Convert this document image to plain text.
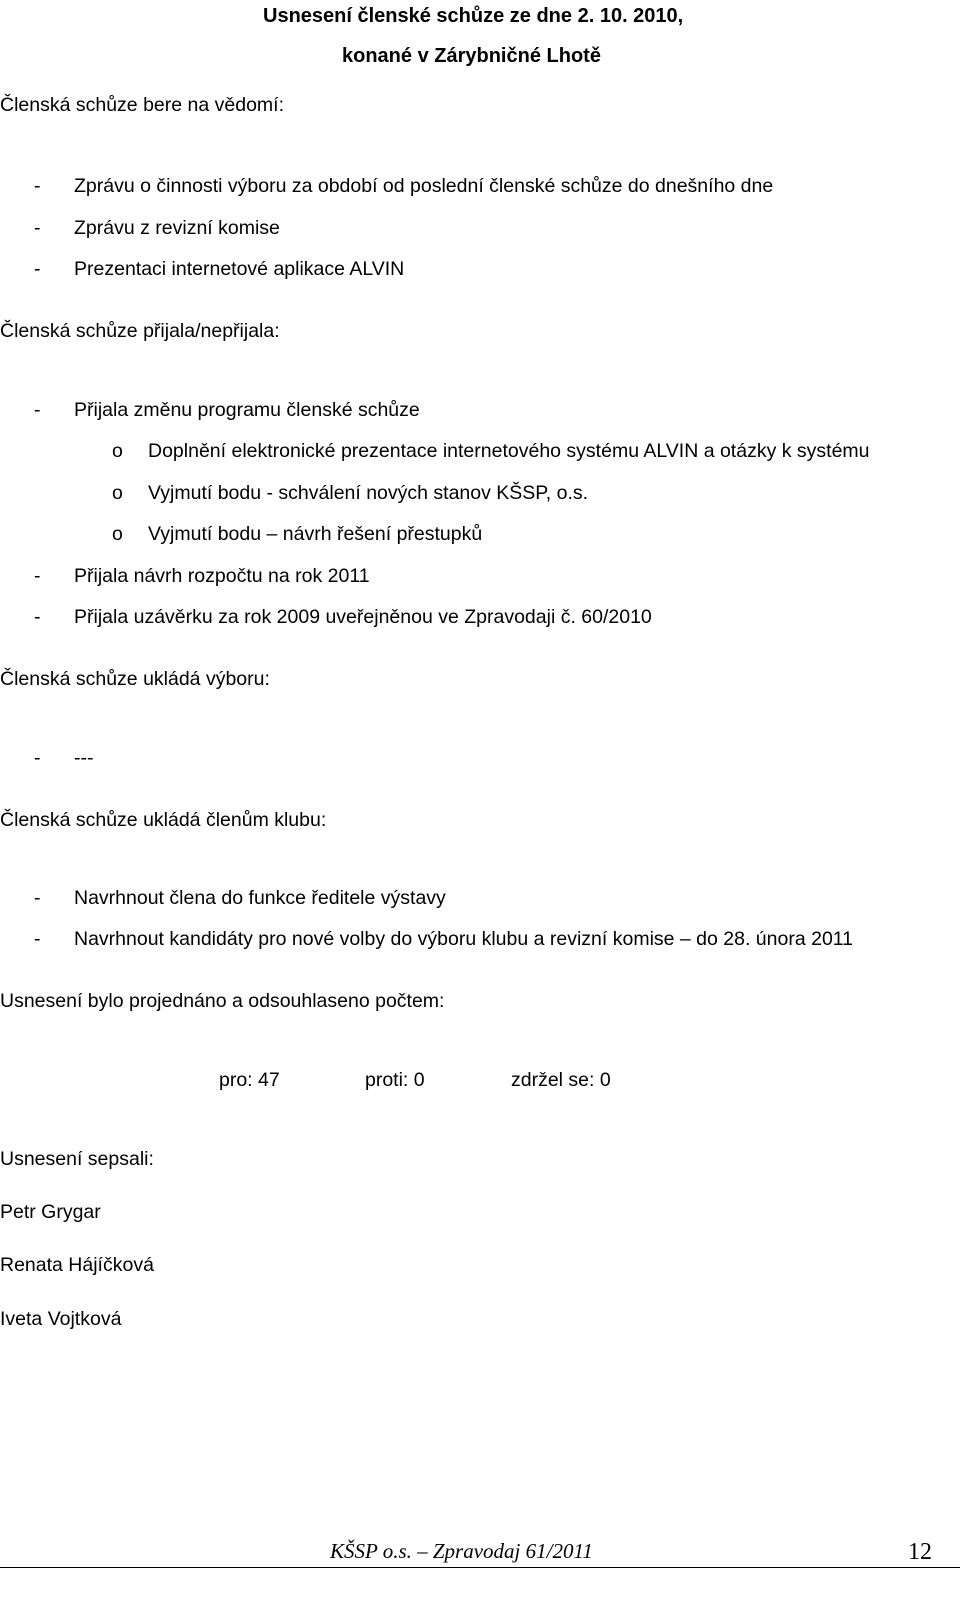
Usnesení členské schůze ze dne 2. 10. 2010,
konané v Zárybničné Lhotě
Členská schůze bere na vědomí:
- Zprávu o činnosti výboru za období od poslední členské schůze do dnešního dne
- Zprávu z revizní komise
- Prezentaci internetové aplikace ALVIN
Členská schůze přijala/nepřijala:
- Přijala změnu programu členské schůze
o Doplnění elektronické prezentace internetového systému ALVIN a otázky k systému
o Vyjmutí bodu - schválení nových stanov KŠSP, o.s.
o Vyjmutí bodu – návrh řešení přestupků
- Přijala návrh rozpočtu na rok 2011
- Přijala uzávěrku za rok 2009 uveřejněnou ve Zpravodaji č. 60/2010
Členská schůze ukládá výboru:
- ---
Členská schůze ukládá členům klubu:
- Navrhnout člena do funkce ředitele výstavy
- Navrhnout kandidáty pro nové volby do výboru klubu a revizní komise – do 28. února 2011
Usnesení bylo projednáno a odsouhlaseno počtem:
pro: 47	proti: 0	zdržel se: 0
Usnesení sepsali:
Petr Grygar
Renata Hájíčková
Iveta Vojtková
KŠSP o.s. – Zpravodaj 61/2011	12
